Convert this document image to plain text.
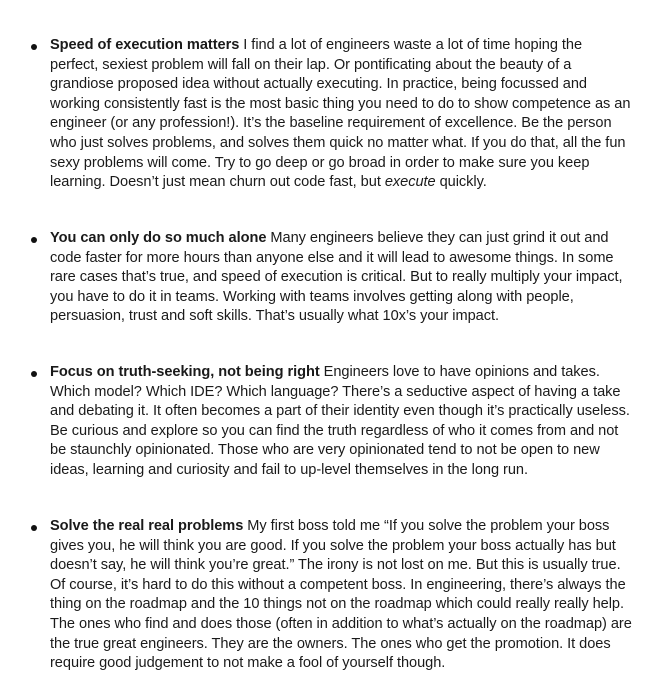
Speed of execution matters I find a lot of engineers waste a lot of time hoping the perfect, sexiest problem will fall on their lap. Or pontificating about the beauty of a grandiose proposed idea without actually executing. In practice, being focussed and working consistently fast is the most basic thing you need to do to show competence as an engineer (or any profession!). It’s the baseline requirement of excellence. Be the person who just solves problems, and solves them quick no matter what. If you do that, all the fun sexy problems will come. Try to go deep or go broad in order to make sure you keep learning. Doesn’t just mean churn out code fast, but execute quickly.
You can only do so much alone Many engineers believe they can just grind it out and code faster for more hours than anyone else and it will lead to awesome things. In some rare cases that’s true, and speed of execution is critical. But to really multiply your impact, you have to do it in teams. Working with teams involves getting along with people, persuasion, trust and soft skills. That’s usually what 10x’s your impact.
Focus on truth-seeking, not being right Engineers love to have opinions and takes. Which model? Which IDE? Which language? There’s a seductive aspect of having a take and debating it. It often becomes a part of their identity even though it’s practically useless. Be curious and explore so you can find the truth regardless of who it comes from and not be staunchly opinionated. Those who are very opinionated tend to not be open to new ideas, learning and curiosity and fail to up-level themselves in the long run.
Solve the real real problems My first boss told me “If you solve the problem your boss gives you, he will think you are good. If you solve the problem your boss actually has but doesn’t say, he will think you’re great.” The irony is not lost on me. But this is usually true. Of course, it’s hard to do this without a competent boss. In engineering, there’s always the thing on the roadmap and the 10 things not on the roadmap which could really really help. The ones who find and does those (often in addition to what’s actually on the roadmap) are the true great engineers. They are the owners. The ones who get the promotion. It does require good judgement to not make a fool of yourself though.
